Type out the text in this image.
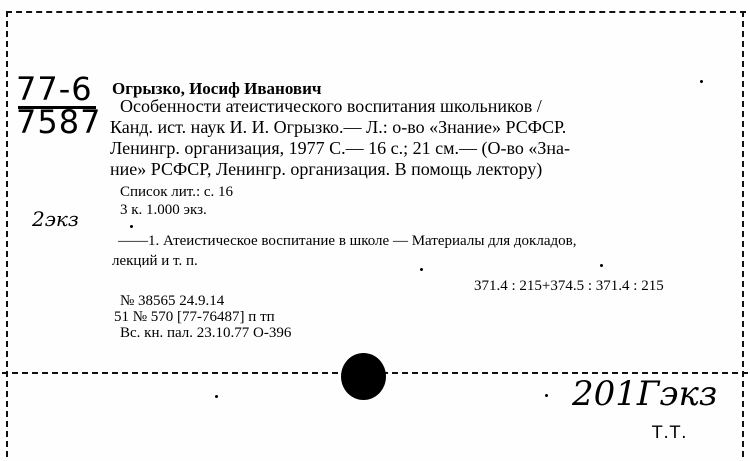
77-6
7587
2экз
Огрызко, Иосиф Иванович
Особенности атеистического воспитания школьников /
Канд. ист. наук И. И. Огрызко.— Л.: о-во «Знание» РСФСР.
Ленингр. организация, 1977 С.— 16 с.; 21 см.— (О-во «Зна-
ние» РСФСР, Ленингр. организация. В помощь лектору)
Список лит.: с. 16
3 к. 1.000 экз.
——1. Атеистическое воспитание в школе — Материалы для докладов,
лекций и т. п.
371.4 : 215+374.5 : 371.4 : 215
№ 38565 24.9.14
51 № 570 [77-76487] п тп
Вс. кн. пал. 23.10.77 О-396
201Гэкз
Т.Т.
